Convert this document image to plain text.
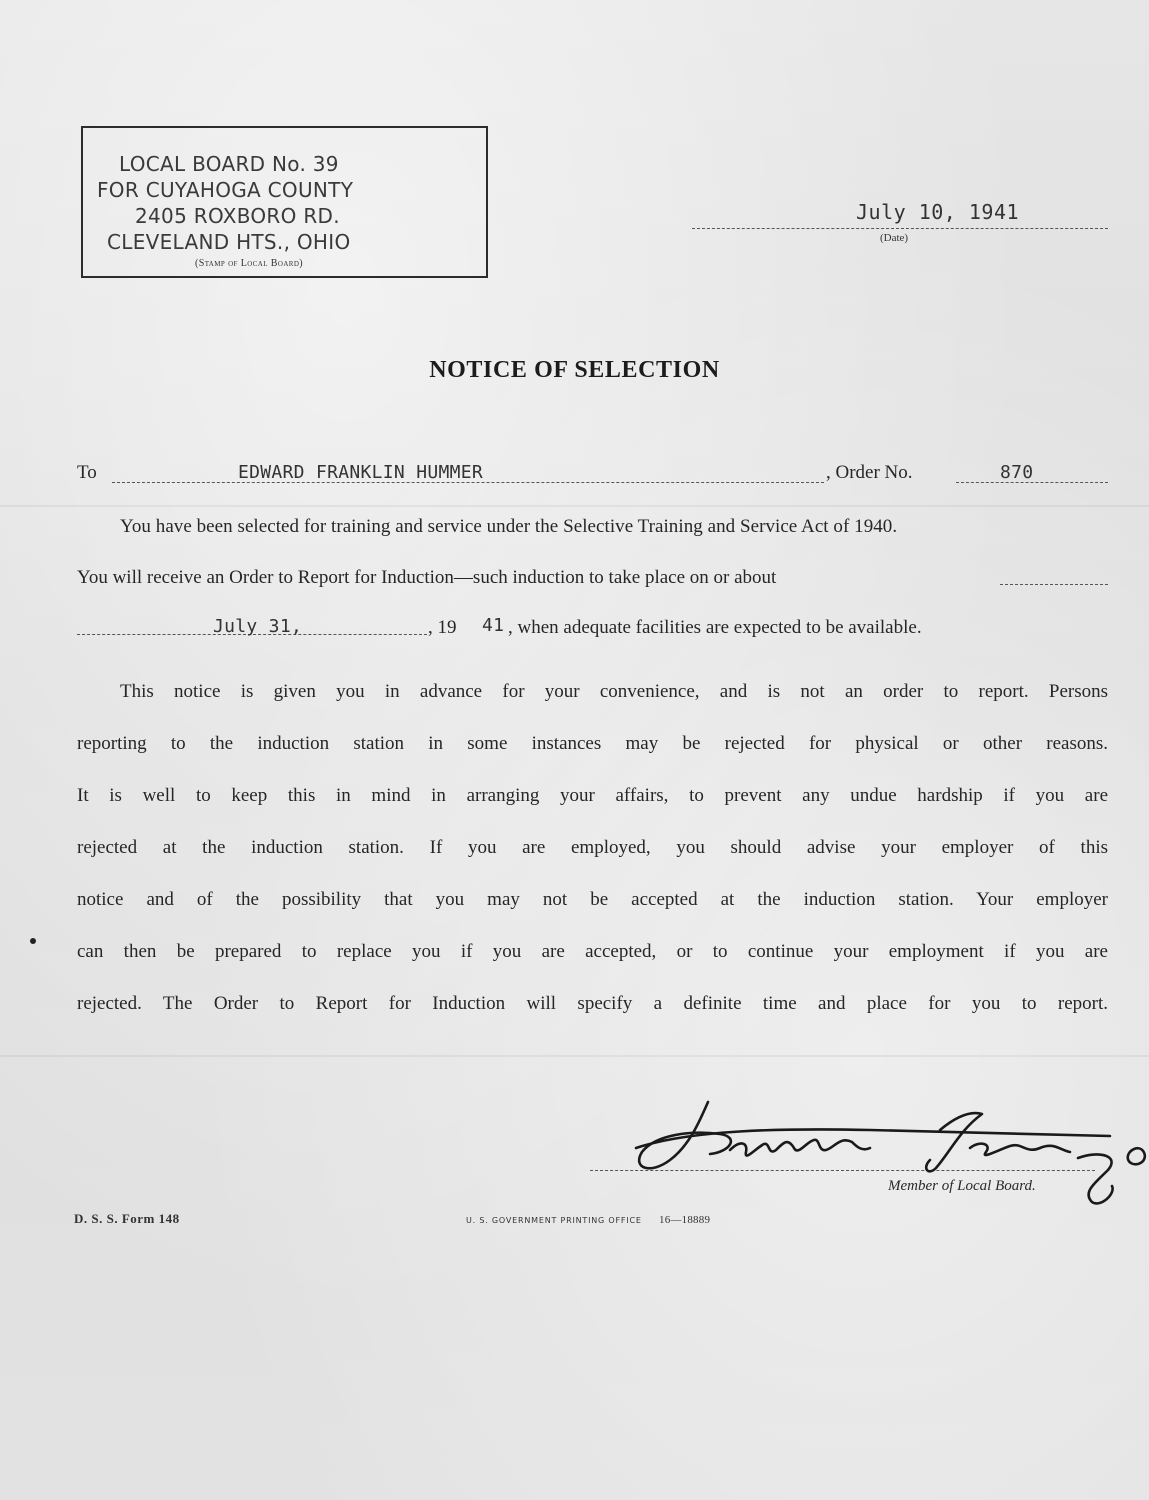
LOCAL BOARD No. 39
FOR CUYAHOGA COUNTY
2405 ROXBORO RD.
CLEVELAND HTS., OHIO
(Stamp of Local Board)
July 10, 1941
(Date)
NOTICE OF SELECTION
To	EDWARD FRANKLIN HUMMER	, Order No.	870
You have been selected for training and service under the Selective Training and Service Act of 1940.
You will receive an Order to Report for Induction—such induction to take place on or about
July 31,	, 19 41 , when adequate facilities are expected to be available.
This notice is given you in advance for your convenience, and is not an order to report. Persons
reporting to the induction station in some instances may be rejected for physical or other reasons.
It is well to keep this in mind in arranging your affairs, to prevent any undue hardship if you are
rejected at the induction station. If you are employed, you should advise your employer of this
notice and of the possibility that you may not be accepted at the induction station. Your employer
can then be prepared to replace you if you are accepted, or to continue your employment if you are
rejected. The Order to Report for Induction will specify a definite time and place for you to report.
Member of Local Board.
D. S. S. Form 148	U. S. GOVERNMENT PRINTING OFFICE 16—18889
